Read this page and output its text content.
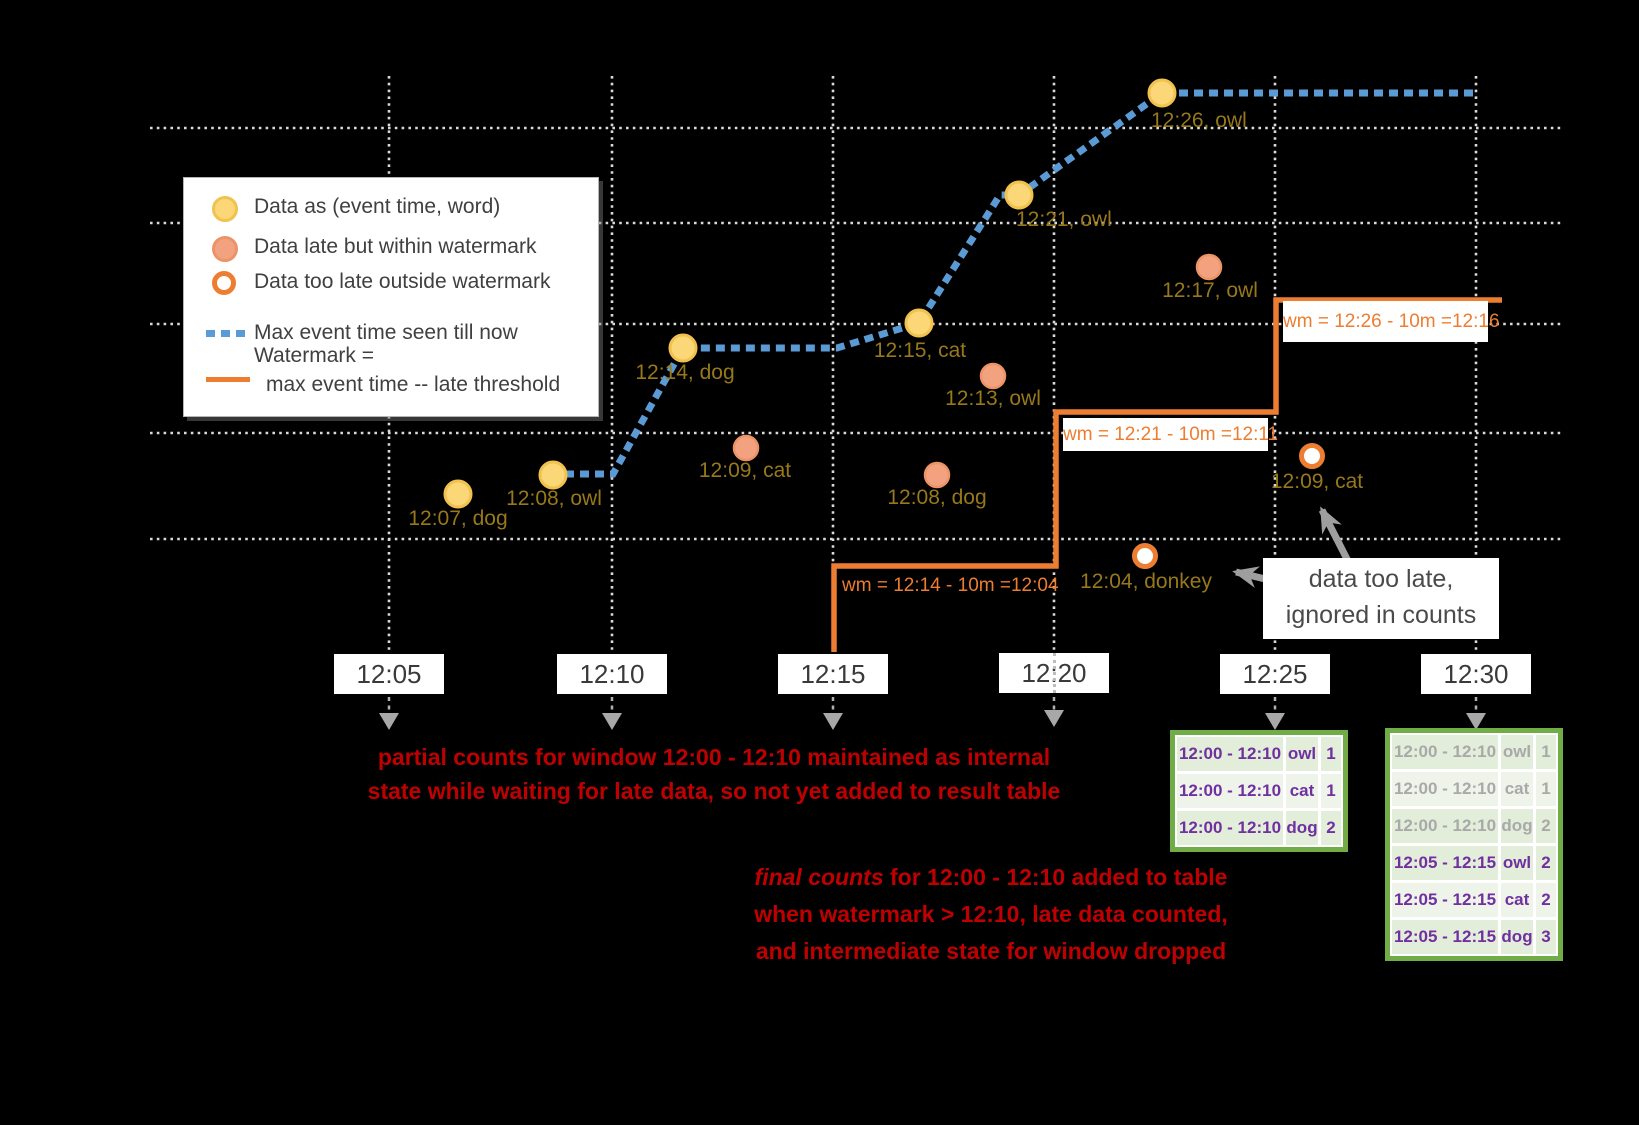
Data as (event time, word)
Data late but within watermark
Data too late outside watermark
Max event time seen till now
Watermark =
max event time -- late threshold
12:07, dog
12:08, owl
12:14, dog
12:15, cat
12:21, owl
12:26, owl
12:09, cat
12:13, owl
12:08, dog
12:17, owl
12:04, donkey
12:09, cat
wm = 12:14 - 10m =12:04
wm = 12:21 - 10m =12:11
wm = 12:26 - 10m =12:16
12:05	12:10	12:15	12:20	12:25	12:30
data too late,
ignored in counts
partial counts for window 12:00 - 12:10 maintained as internal
state while waiting for late data, so not yet added to result table
final counts for 12:00 - 12:10 added to table
when watermark > 12:10, late data counted,
and intermediate state for window dropped
12:00 - 12:10 owl 1
12:00 - 12:10 cat 1
12:00 - 12:10 dog 2
12:00 - 12:10 owl 1
12:00 - 12:10 cat 1
12:00 - 12:10 dog 2
12:05 - 12:15 owl 2
12:05 - 12:15 cat 2
12:05 - 12:15 dog 3
